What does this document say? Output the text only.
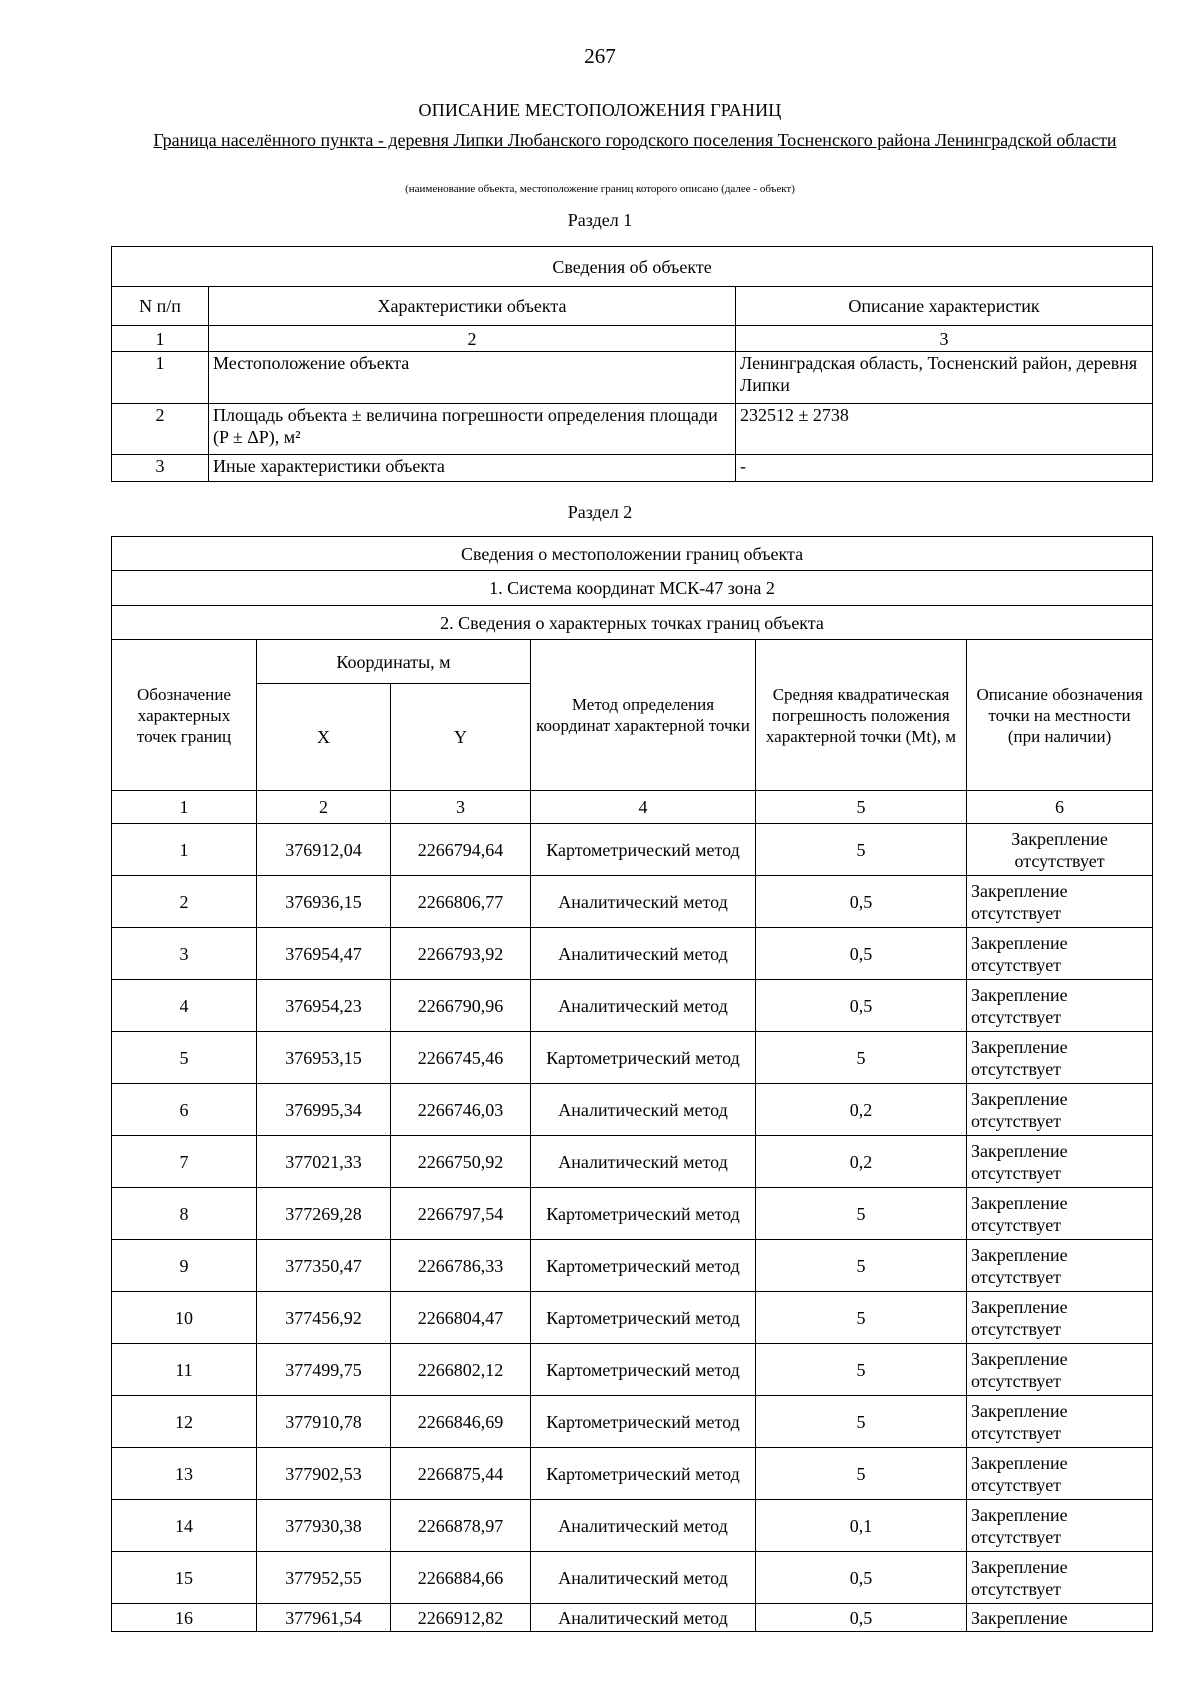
267
ОПИСАНИЕ МЕСТОПОЛОЖЕНИЯ ГРАНИЦ
Граница населённого пункта - деревня Липки Любанского городского поселения Тосненского района Ленинградской области
(наименование объекта, местоположение границ которого описано (далее - объект)
Раздел 1
Сведения об объекте		
N п/п	Характеристики объекта	Описание характеристик
1	2	3
1	Местоположение объекта	Ленинградская область, Тосненский район, деревня Липки
2	Площадь объекта ± величина погрешности определения площади (P ± ΔP), м²	232512 ± 2738
3	Иные характеристики объекта	-
Раздел 2
Сведения о местоположении границ объекта					
1. Система координат МСК-47 зона 2					
2. Сведения о характерных точках границ объекта					
Обозначение характерных точек границ	Координаты, м		Метод определения координат характерной точки	Средняя квадратическая погрешность положения характерной точки (Mt), м	Описание обозначения точки на местности (при наличии)
	X	Y			
1	2	3	4	5	6
1	376912,04	2266794,64	Картометрический метод	5	Закрепление отсутствует
2	376936,15	2266806,77	Аналитический метод	0,5	Закрепление отсутствует
3	376954,47	2266793,92	Аналитический метод	0,5	Закрепление отсутствует
4	376954,23	2266790,96	Аналитический метод	0,5	Закрепление отсутствует
5	376953,15	2266745,46	Картометрический метод	5	Закрепление отсутствует
6	376995,34	2266746,03	Аналитический метод	0,2	Закрепление отсутствует
7	377021,33	2266750,92	Аналитический метод	0,2	Закрепление отсутствует
8	377269,28	2266797,54	Картометрический метод	5	Закрепление отсутствует
9	377350,47	2266786,33	Картометрический метод	5	Закрепление отсутствует
10	377456,92	2266804,47	Картометрический метод	5	Закрепление отсутствует
11	377499,75	2266802,12	Картометрический метод	5	Закрепление отсутствует
12	377910,78	2266846,69	Картометрический метод	5	Закрепление отсутствует
13	377902,53	2266875,44	Картометрический метод	5	Закрепление отсутствует
14	377930,38	2266878,97	Аналитический метод	0,1	Закрепление отсутствует
15	377952,55	2266884,66	Аналитический метод	0,5	Закрепление отсутствует
16	377961,54	2266912,82	Аналитический метод	0,5	Закрепление
